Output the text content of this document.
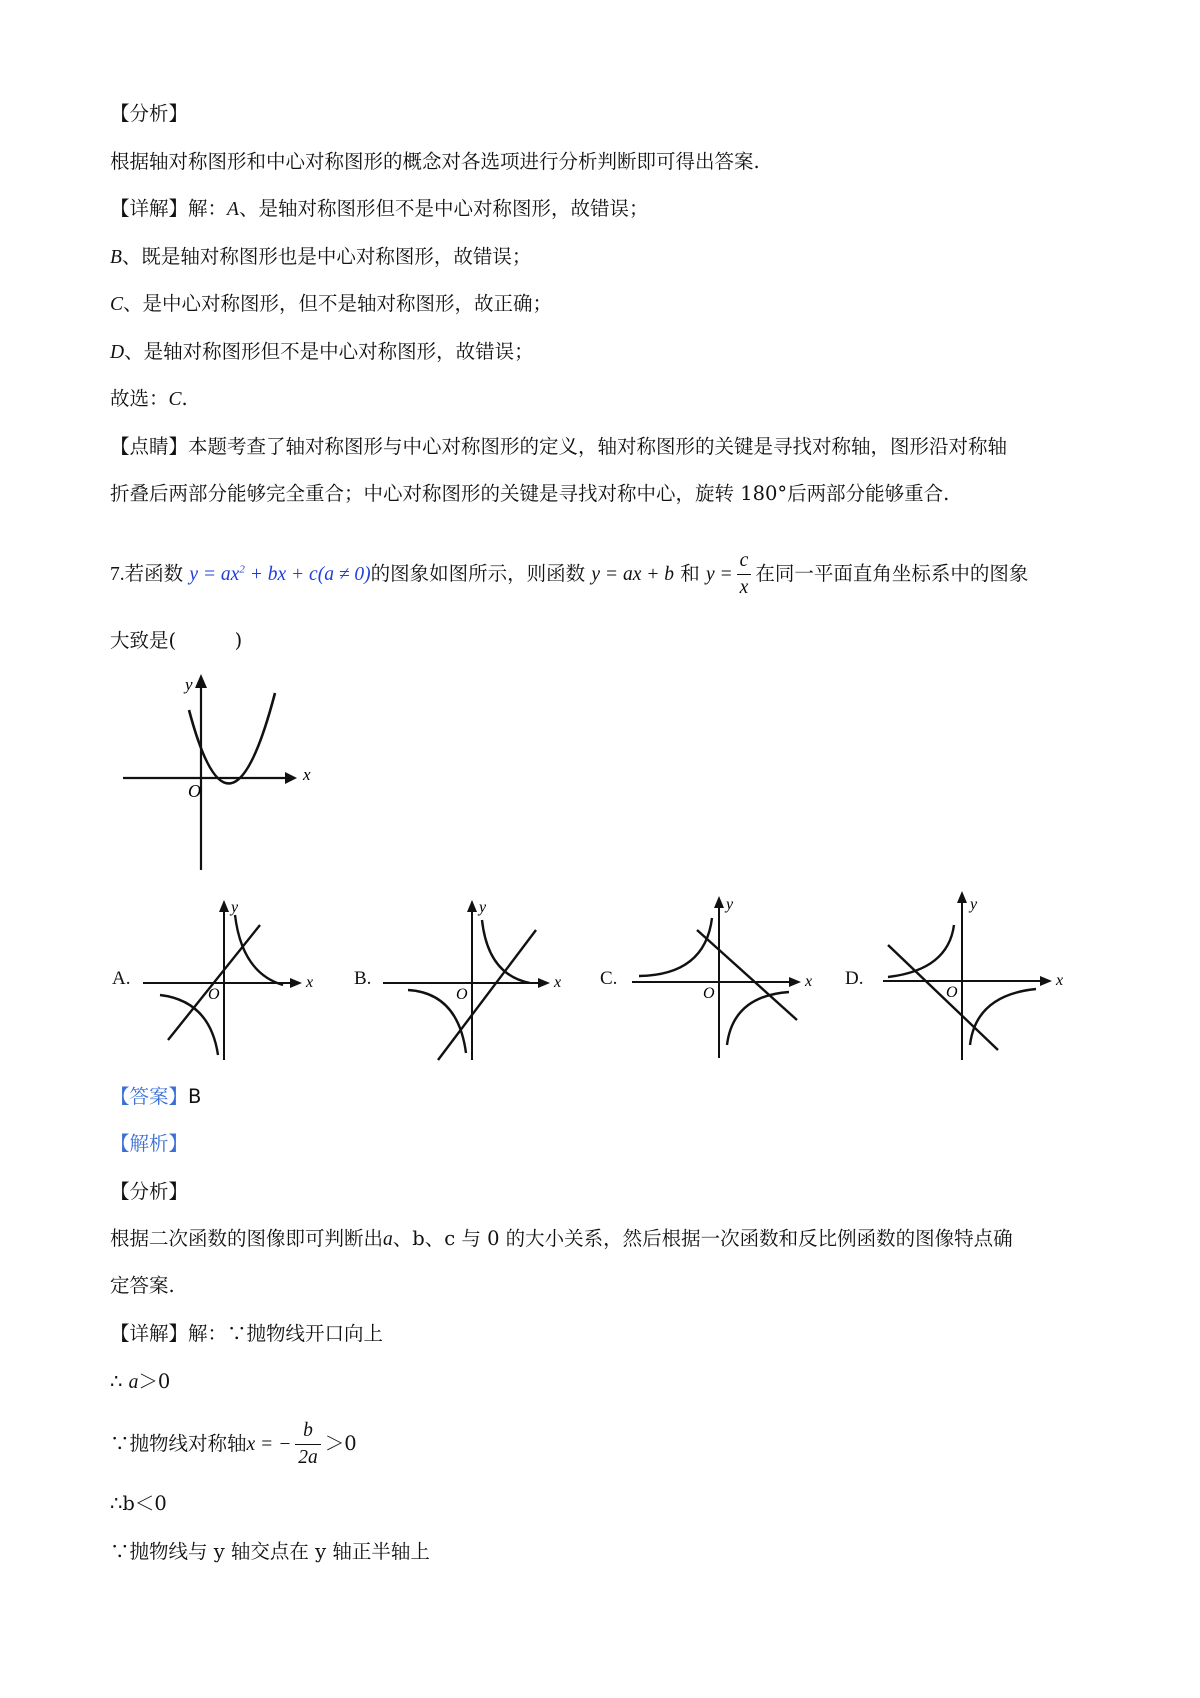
【分析】
根据轴对称图形和中心对称图形的概念对各选项进行分析判断即可得出答案.
【详解】解：A、是轴对称图形但不是中心对称图形，故错误；
B、既是轴对称图形也是中心对称图形，故错误；
C、是中心对称图形，但不是轴对称图形，故正确；
D、是轴对称图形但不是中心对称图形，故错误；
故选：C.
【点睛】本题考查了轴对称图形与中心对称图形的定义，轴对称图形的关键是寻找对称轴，图形沿对称轴
折叠后两部分能够完全重合；中心对称图形的关键是寻找对称中心，旋转 180°后两部分能够重合.
7.若函数 $y = ax^2$ + bx + c(a ≠ 0)的图象如图所示，则函数 y = ax + b 和 $y = \frac{c}{x}$ 在同一平面直角坐标系中的图象
大致是(　　　)
x
y
O
A.	x
y
O
B.	x
y
O
C.	x
y
O
D.	x
y
O
【答案】B
【解析】
【分析】
根据二次函数的图像即可判断出a、b、c 与 0 的大小关系，然后根据一次函数和反比例函数的图像特点确
定答案.
【详解】解：∵抛物线开口向上
∴ a＞0
∵抛物线对称轴x = − $\frac{b}{2a} >0$
∴b＜0
∵抛物线与 y 轴交点在 y 轴正半轴上
